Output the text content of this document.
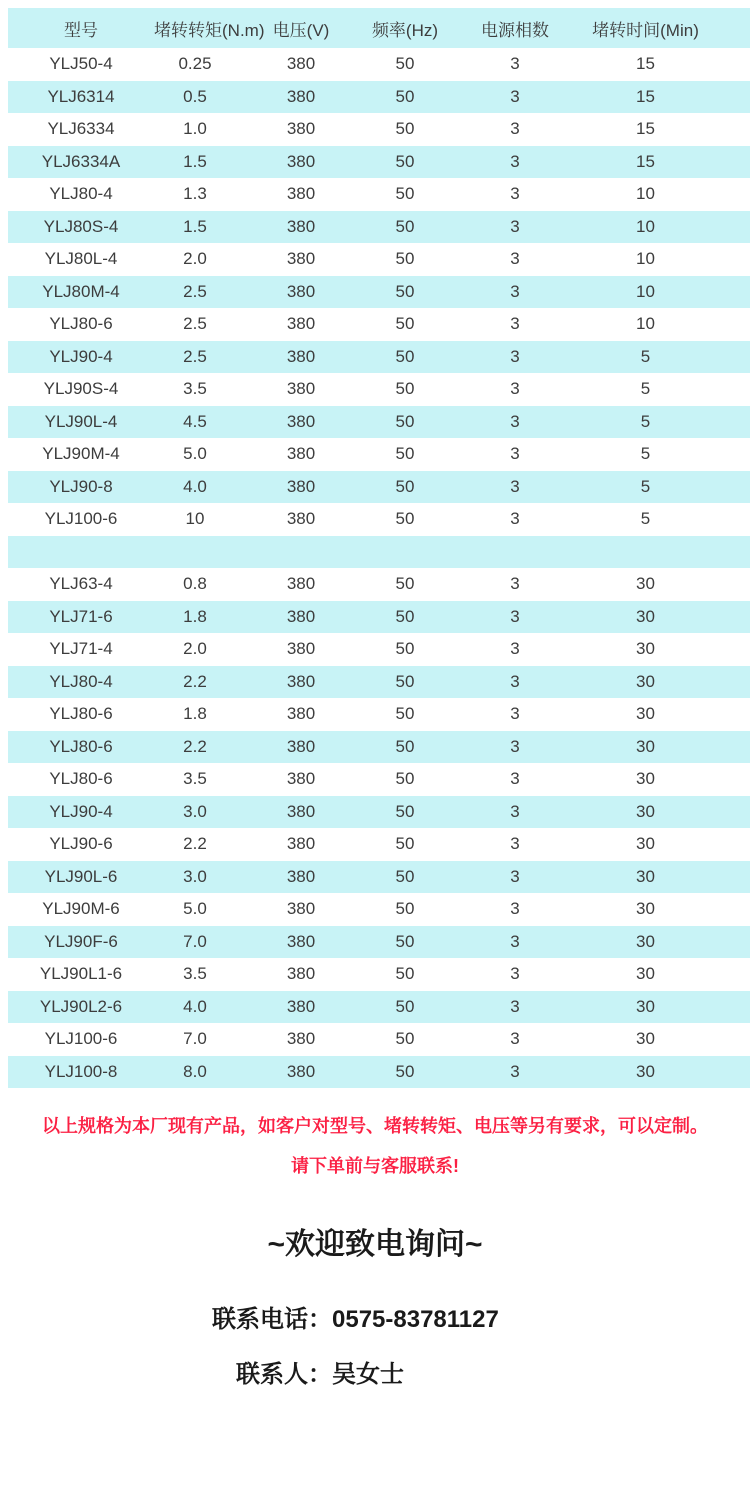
型号	堵转转矩(N.m)	电压(V)	频率(Hz)	电源相数	堵转时间(Min)
YLJ50-4	0.25	380	50	3	15
YLJ6314	0.5	380	50	3	15
YLJ6334	1.0	380	50	3	15
YLJ6334A	1.5	380	50	3	15
YLJ80-4	1.3	380	50	3	10
YLJ80S-4	1.5	380	50	3	10
YLJ80L-4	2.0	380	50	3	10
YLJ80M-4	2.5	380	50	3	10
YLJ80-6	2.5	380	50	3	10
YLJ90-4	2.5	380	50	3	5
YLJ90S-4	3.5	380	50	3	5
YLJ90L-4	4.5	380	50	3	5
YLJ90M-4	5.0	380	50	3	5
YLJ90-8	4.0	380	50	3	5
YLJ100-6	10	380	50	3	5

YLJ63-4	0.8	380	50	3	30
YLJ71-6	1.8	380	50	3	30
YLJ71-4	2.0	380	50	3	30
YLJ80-4	2.2	380	50	3	30
YLJ80-6	1.8	380	50	3	30
YLJ80-6	2.2	380	50	3	30
YLJ80-6	3.5	380	50	3	30
YLJ90-4	3.0	380	50	3	30
YLJ90-6	2.2	380	50	3	30
YLJ90L-6	3.0	380	50	3	30
YLJ90M-6	5.0	380	50	3	30
YLJ90F-6	7.0	380	50	3	30
YLJ90L1-6	3.5	380	50	3	30
YLJ90L2-6	4.0	380	50	3	30
YLJ100-6	7.0	380	50	3	30
YLJ100-8	8.0	380	50	3	30
以上规格为本厂现有产品，如客户对型号、堵转转矩、电压等另有要求，可以定制。
请下单前与客服联系!
~欢迎致电询问~
联系电话： 0575-83781127
联系人： 吴女士
